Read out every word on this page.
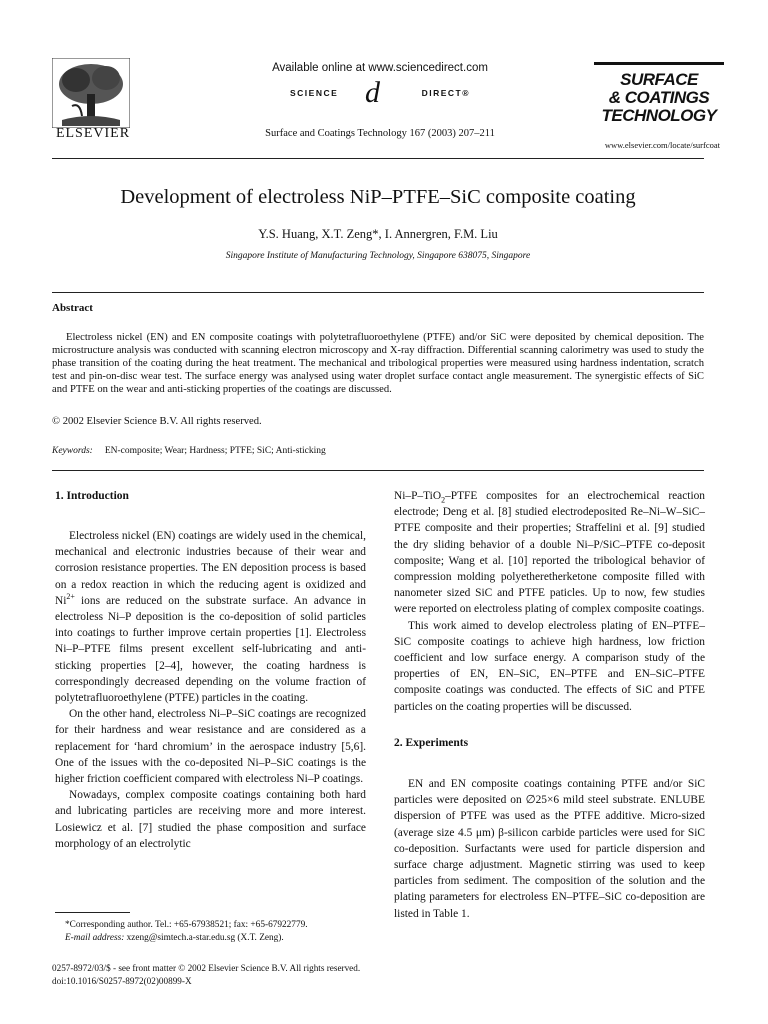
ELSEVIER
Available online at www.sciencedirect.com
SCIENCE d	DIRECT®
Surface and Coatings Technology 167 (2003) 207–211
SURFACE
& COATINGS
TECHNOLOGY
www.elsevier.com/locate/surfcoat
Development of electroless NiP–PTFE–SiC composite coating
Y.S. Huang, X.T. Zeng*, I. Annergren, F.M. Liu
Singapore Institute of Manufacturing Technology, Singapore 638075, Singapore
Abstract

Electroless nickel (EN) and EN composite coatings with polytetrafluoroethylene (PTFE) and/or SiC were deposited by chemical deposition. The microstructure analysis was conducted with scanning electron microscopy and X-ray diffraction. Differential scanning calorimetry was used to study the phase transition of the coating during the heat treatment. The mechanical and tribological properties were measured using hardness indentation, scratch test and pin-on-disc wear test. The surface energy was analysed using water droplet surface contact angle measurement. The synergistic effects of SiC and PTFE on the wear and anti-sticking properties of the coatings are discussed.

© 2002 Elsevier Science B.V. All rights reserved.
Keywords: EN-composite; Wear; Hardness; PTFE; SiC; Anti-sticking
1. Introduction

Electroless nickel (EN) coatings are widely used in the chemical, mechanical and electronic industries because of their wear and corrosion resistance properties. The EN deposition process is based on a redox reaction in which the reducing agent is oxidized and $Ni^{2+}$ ions are reduced on the substrate surface. An advance in electroless Ni–P deposition is the co-deposition of solid particles into coatings to further improve certain properties [1]. Electroless Ni–P–PTFE films present excellent self-lubricating and anti-sticking properties [2–4], however, the coating hardness is correspondingly decreased depending on the volume fraction of polytetrafluoroethylene (PTFE) particles in the coating.

On the other hand, electroless Ni–P–SiC coatings are recognized for their hardness and wear resistance and are considered as a replacement for ‘hard chromium’ in the aerospace industry [5,6]. One of the issues with the co-deposited Ni–P–SiC coatings is the higher friction coefficient compared with electroless Ni–P coatings.

Nowadays, complex composite coatings containing both hard and lubricating particles are receiving more and more interest. Losiewicz et al. [7] studied the phase composition and surface morphology of an electrolytic

Ni–P–TiO$_2$–PTFE composites for an electrochemical reaction electrode; Deng et al. [8] studied electrodeposited Re–Ni–W–SiC–PTFE composite and their properties; Straffelini et al. [9] studied the dry sliding behavior of a double Ni–P/SiC–PTFE co-deposit composite; Wang et al. [10] reported the tribological behavior of compression molding polyetheretherketone composite filled with nanometer sized SiC and PTFE paticles. Up to now, few studies were reported on electroless plating of complex composite coatings.

This work aimed to develop electroless plating of EN–PTFE–SiC composite coatings to achieve high hardness, low friction coefficient and low surface energy. A comparison study of the properties of EN, EN–SiC, EN–PTFE and EN–SiC–PTFE composite coatings was conducted. The effects of SiC and PTFE particles on the coating properties will be discussed.

2. Experiments

EN and EN composite coatings containing PTFE and/or SiC particles were deposited on ∅25×6 mild steel substrate. ENLUBE dispersion of PTFE was used as the PTFE additive. Micro-sized (average size 4.5 μm) β-silicon carbide particles were used for SiC co-deposition. Surfactants were used for particle dispersion and surface charge adjustment. Magnetic stirring was used to keep particles from sediment. The composition of the solution and the plating parameters for electroless EN–PTFE–SiC co-deposition are listed in Table 1.

*Corresponding author. Tel.: +65-67938521; fax: +65-67922779.

E-mail address: xzeng@simtech.a-star.edu.sg (X.T. Zeng).

0257-8972/03/$ - see front matter © 2002 Elsevier Science B.V. All rights reserved.
doi:10.1016/S0257-8972(02)00899-X
